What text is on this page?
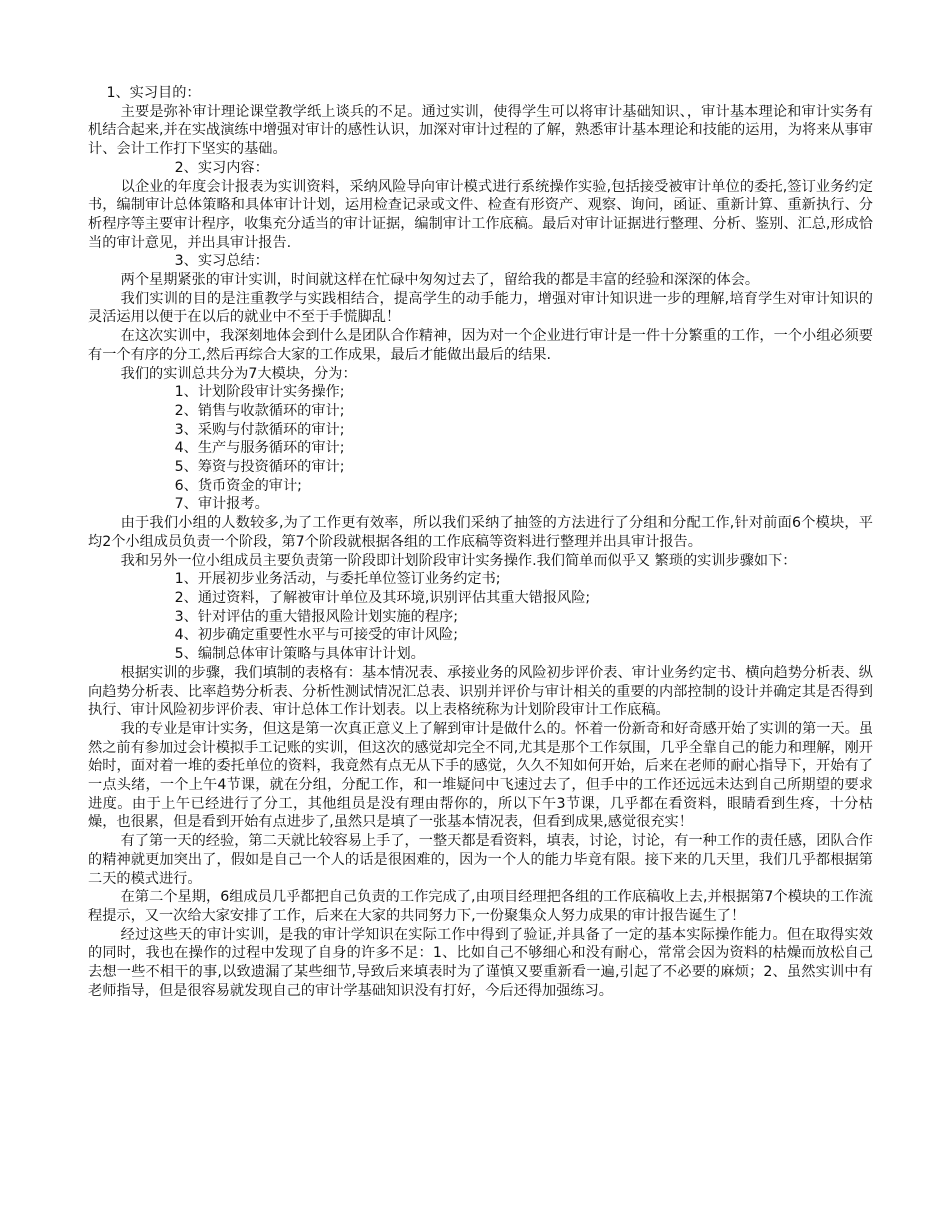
1、实习目的：

主要是弥补审计理论课堂教学纸上谈兵的不足。通过实训，使得学生可以将审计基础知识、，审计基本理论和审计实务有机结合起来,并在实战演练中增强对审计的感性认识，加深对审计过程的了解，熟悉审计基本理论和技能的运用，为将来从事审计、会计工作打下坚实的基础。

2、实习内容：

以企业的年度会计报表为实训资料，采纳风险导向审计模式进行系统操作实验,包括接受被审计单位的委托,签订业务约定书，编制审计总体策略和具体审计计划，运用检查记录或文件、检查有形资产、观察、询问，函证、重新计算、重新执行、分析程序等主要审计程序，收集充分适当的审计证据，编制审计工作底稿。最后对审计证据进行整理、分析、鉴别、汇总,形成恰当的审计意见，并出具审计报告.

3、实习总结：

两个星期紧张的审计实训，时间就这样在忙碌中匆匆过去了，留给我的都是丰富的经验和深深的体会。

我们实训的目的是注重教学与实践相结合，提高学生的动手能力，增强对审计知识进一步的理解,培育学生对审计知识的灵活运用以便于在以后的就业中不至于手慌脚乱！

在这次实训中，我深刻地体会到什么是团队合作精神，因为对一个企业进行审计是一件十分繁重的工作，一个小组必须要有一个有序的分工,然后再综合大家的工作成果，最后才能做出最后的结果.

我们的实训总共分为7大模块，分为：

1、计划阶段审计实务操作;
2、销售与收款循环的审计;
3、采购与付款循环的审计;
4、生产与服务循环的审计;
5、筹资与投资循环的审计;
6、货币资金的审计;
7、审计报考。

由于我们小组的人数较多,为了工作更有效率，所以我们采纳了抽签的方法进行了分组和分配工作,针对前面6个模块，平均2个小组成员负责一个阶段，第7个阶段就根据各组的工作底稿等资料进行整理并出具审计报告。

我和另外一位小组成员主要负责第一阶段即计划阶段审计实务操作.我们简单而似乎又 繁琐的实训步骤如下：

1、开展初步业务活动，与委托单位签订业务约定书;
2、通过资料，了解被审计单位及其环境,识别评估其重大错报风险;
3、针对评估的重大错报风险计划实施的程序;
4、初步确定重要性水平与可接受的审计风险;
5、编制总体审计策略与具体审计计划。

根据实训的步骤，我们填制的表格有：基本情况表、承接业务的风险初步评价表、审计业务约定书、横向趋势分析表、纵向趋势分析表、比率趋势分析表、分析性测试情况汇总表、识别并评价与审计相关的重要的内部控制的设计并确定其是否得到执行、审计风险初步评价表、审计总体工作计划表。以上表格统称为计划阶段审计工作底稿。

我的专业是审计实务，但这是第一次真正意义上了解到审计是做什么的。怀着一份新奇和好奇感开始了实训的第一天。虽然之前有参加过会计模拟手工记账的实训，但这次的感觉却完全不同,尤其是那个工作氛围，几乎全靠自己的能力和理解，刚开始时，面对着一堆的委托单位的资料，我竟然有点无从下手的感觉，久久不知如何开始，后来在老师的耐心指导下，开始有了一点头绪，一个上午4节课，就在分组，分配工作，和一堆疑问中飞速过去了，但手中的工作还远远未达到自己所期望的要求进度。由于上午已经进行了分工，其他组员是没有理由帮你的，所以下午3节课，几乎都在看资料，眼睛看到生疼，十分枯燥，也很累，但是看到开始有点进步了,虽然只是填了一张基本情况表，但看到成果,感觉很充实！

有了第一天的经验，第二天就比较容易上手了，一整天都是看资料，填表，讨论，讨论，有一种工作的责任感，团队合作的精神就更加突出了，假如是自己一个人的话是很困难的，因为一个人的能力毕竟有限。接下来的几天里，我们几乎都根据第二天的模式进行。

在第二个星期，6组成员几乎都把自己负责的工作完成了,由项目经理把各组的工作底稿收上去,并根据第7个模块的工作流程提示，又一次给大家安排了工作，后来在大家的共同努力下,一份聚集众人努力成果的审计报告诞生了！

经过这些天的审计实训，是我的审计学知识在实际工作中得到了验证,并具备了一定的基本实际操作能力。但在取得实效的同时，我也在操作的过程中发现了自身的许多不足：1、比如自己不够细心和没有耐心，常常会因为资料的枯燥而放松自己去想一些不相干的事,以致遗漏了某些细节,导致后来填表时为了谨慎又要重新看一遍,引起了不必要的麻烦；2、虽然实训中有老师指导，但是很容易就发现自己的审计学基础知识没有打好，今后还得加强练习。
